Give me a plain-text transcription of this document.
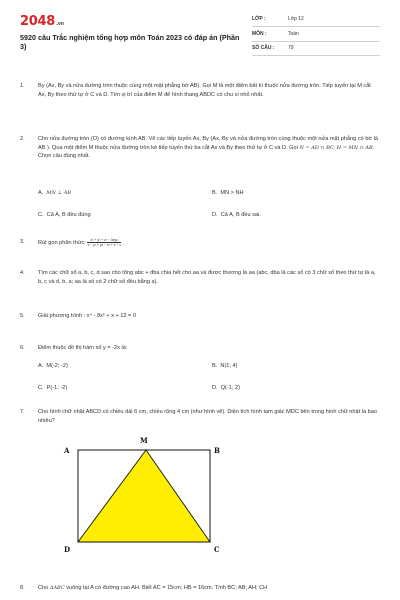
2048.vn
5920 câu Trắc nghiệm tổng hợp môn Toán 2023 có đáp án (Phần 3)
LỚP :	Lớp 12
MÔN :	Toán
SỐ CÂU :	79
1.	By (Ax, By và nửa đường tròn thuộc cùng một mặt phẳng bờ AB). Gọi M là một điểm bất kì thuộc nửa đường tròn. Tiếp tuyến tại M cắt Ax, By theo thứ tự ở C và D. Tìm vị trí của điểm M để hình thang ABDC có chu vi nhỏ nhất.
2.	Cho nửa đường tròn (O) có đường kính AB. Vẽ các tiếp tuyến Ax, By (Ax, By và nửa đường tròn cùng thuộc một nửa mặt phẳng có bờ là AB ). Qua một điểm M thuộc nửa đường tròn kẻ tiếp tuyến thứ ba cắt Ax và By theo thứ tự ở C và D. Gọi N = AD ∩ BC, H = MN ∩ AB. Chọn câu đúng nhất.
A. MN ⊥ AB	B. MN > NH
C. Cả A, B đều đúng	D. Cả A, B đều sai.
3.	Rút gọn phân thức: $\frac{\text{x³ + y³ + z³ − 3xyz}}{\text{x − y² + yz − z² + z − x}}$
4.	Tìm các chữ số a, b, c, d sao cho tổng abc + dba chia hết cho aa và được thương là aa (abc, dba là các số có 3 chữ số theo thứ tự là a, b, c và d, b, a; aa là số có 2 chữ số đều bằng a).
5.	Giải phương trình : x⁴ - 8x² + x + 12 = 0
6.	Điểm thuộc đồ thị hàm số y = -2x là:
A. M(-2; -2)	B. N(1; 4)
C. P(-1; -2)	D. Q(-1; 2)
7.	Cho hình chữ nhật ABCD có chiều dài 6 cm, chiều rộng 4 cm (như hình vẽ). Diện tích hình tam giác MDC bên trong hình chữ nhật là bao nhiêu?
M
A	B
D	C
8.	Cho ΔABC vuông tại A có đường cao AH. Biết AC = 15cm; HB = 16cm. Tính BC; AB; AH; CH
